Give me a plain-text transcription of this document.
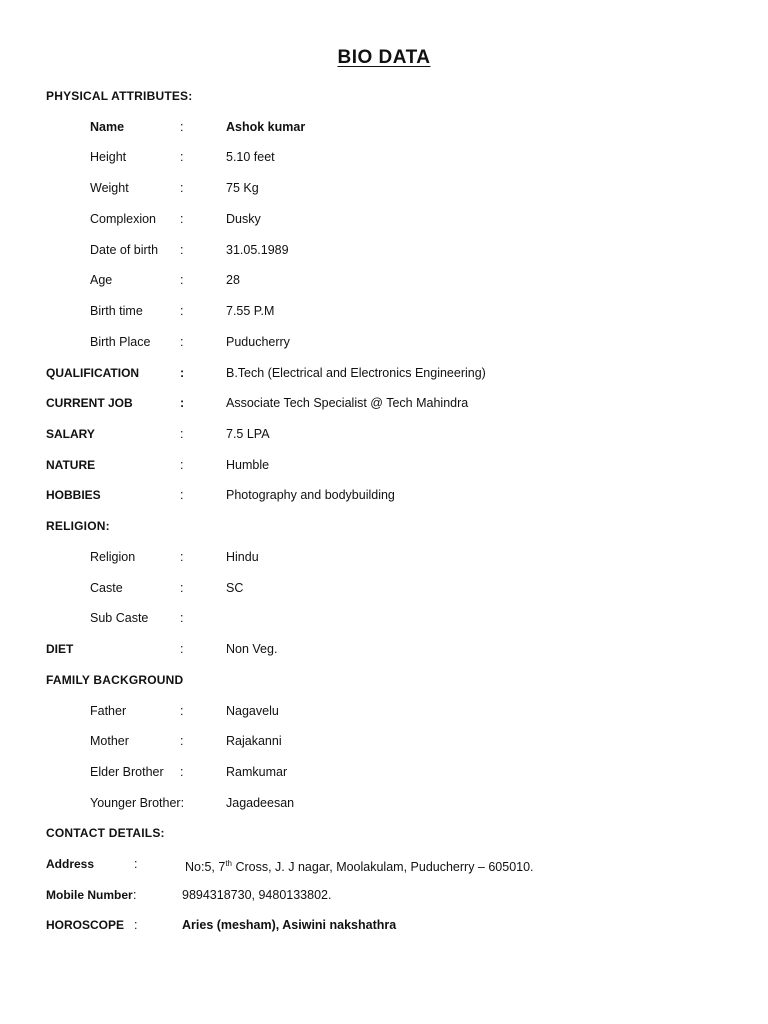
BIO DATA
PHYSICAL ATTRIBUTES:
Name	:	Ashok kumar
Height	:	5.10 feet
Weight	:	75 Kg
Complexion :	Dusky
Date of birth :	31.05.1989
Age	:	28
Birth time	:	7.55 P.M
Birth Place :	Puducherry
QUALIFICATION	:	B.Tech (Electrical and Electronics Engineering)
CURRENT JOB	:	Associate Tech Specialist @ Tech Mahindra
SALARY	:	7.5 LPA
NATURE	:	Humble
HOBBIES	:	Photography and bodybuilding
RELIGION:
Religion	:	Hindu
Caste	:	SC
Sub Caste	:
DIET	:	Non Veg.
FAMILY BACKGROUND
Father	:	Nagavelu
Mother	:	Rajakanni
Elder Brother :	Ramkumar
Younger Brother:	Jagadeesan
CONTACT DETAILS:
Address	:	No:5, 7th Cross, J. J nagar, Moolakulam, Puducherry – 605010.
Mobile Number :	9894318730, 9480133802.
HOROSCOPE :	Aries (mesham), Asiwini nakshathra
